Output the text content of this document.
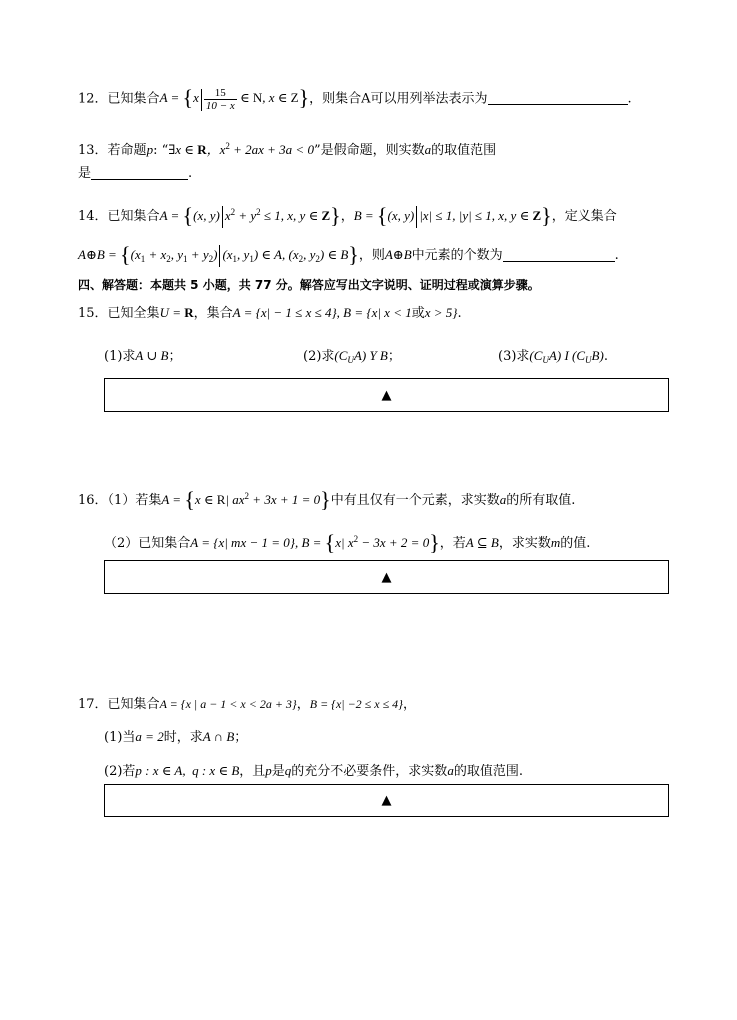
12．已知集合$A = \{x \frac{15}{10 - x}$ ∈ N, x ∈ Z}，则集合A可以用列举法表示为	.
13．若命题p: “∃x ∈ R，$x^2 + 2ax + 3a < 0$”是假命题，则实数a的取值范围
是	.
14．已知集合A = {(x, y) $x^2 + y^2 \le 1$, x, y ∈ Z}，B = {(x, y) |x| ≤ 1, |y| ≤ 1, x, y ∈ Z}，定义集合
A⊕B = {($x_1 + x_2$, $y_1 + y_2$) ($x_1$, $y_1$) ∈ A, ($x_2$, $y_2$) ∈ B}，则A⊕B中元素的个数为	.
四、解答题：本题共 5 小题，共 77 分。解答应写出文字说明、证明过程或演算步骤。
15．已知全集U = R，集合A = {x| − 1 ≤ x ≤ 4}, B = {x| x < 1或x > 5}.
(1)求A ∪ B；	(2)求$(C_UA)$ Y B；	(3)求$(C_UA)$ I $(C_UB)$.
▲
16．（1）若集A = {x ∈ R| $ax^2 + 3x + 1 = 0$}中有且仅有一个元素，求实数a的所有取值.
（2）已知集合A = {x| mx − 1 = 0}, B = {x| $x^2 - 3x + 2 = 0$}，若A ⊆ B，求实数m的值.
▲
17．已知集合A = {x | a − 1 < x < 2a + 3}，B = {x| −2 ≤ x ≤ 4}，
(1)当a = 2时，求A ∩ B；
(2)若p : x ∈ A,  q : x ∈ B，且p是q的充分不必要条件，求实数a的取值范围.
▲
